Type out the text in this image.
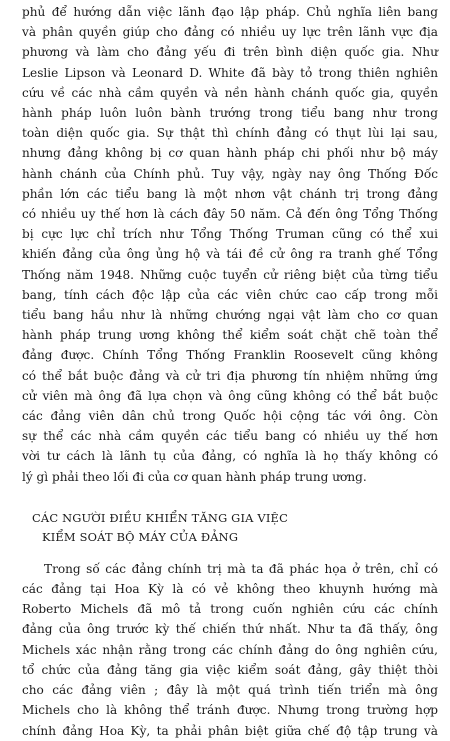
phủ để hướng dẫn việc lãnh đạo lập pháp. Chủ nghĩa liên bang
và phân quyền giúp cho đảng có nhiều uy lực trên lãnh vực địa
phương và làm cho đảng yếu đi trên bình diện quốc gia. Như
Leslie Lipson và Leonard D. White đã bày tỏ trong thiên nghiên
cứu về các nhà cầm quyền và nền hành chánh quốc gia, quyền
hành pháp luôn luôn bành trướng trong tiểu bang như trong
toàn diện quốc gia. Sự thật thì chính đảng có thụt lùi lại sau,
nhưng đảng không bị cơ quan hành pháp chi phối như bộ máy
hành chánh của Chính phủ. Tuy vậy, ngày nay ông Thống Đốc
phần lớn các tiểu bang là một nhơn vật chánh trị trong đảng
có nhiều uy thế hơn là cách đây 50 năm. Cả đến ông Tổng Thống
bị cực lực chỉ trích như Tổng Thống Truman cũng có thể xui
khiến đảng của ông ủng hộ và tái đề cử ông ra tranh ghế Tổng
Thống năm 1948. Những cuộc tuyển cử riêng biệt của từng tiểu
bang, tính cách độc lập của các viên chức cao cấp trong mỗi
tiểu bang hầu như là những chướng ngại vật làm cho cơ quan
hành pháp trung ương không thể kiểm soát chặt chẽ toàn thể
đảng được. Chính Tổng Thống Franklin Roosevelt cũng không
có thể bắt buộc đảng và cử tri địa phương tín nhiệm những ứng
cử viên mà ông đã lựa chọn và ông cũng không có thể bắt buộc
các đảng viên dân chủ trong Quốc hội cộng tác với ông. Còn
sự thể các nhà cầm quyền các tiểu bang có nhiều uy thế hơn
vời tư cách là lãnh tụ của đảng, có nghĩa là họ thấy không có
lý gì phải theo lối đi của cơ quan hành pháp trung ương.

CÁC NGƯỜI ĐIỀU KHIỂN TĂNG GIA VIỆC
KIỂM SOÁT BỘ MÁY CỦA ĐẢNG

Trong số các đảng chính trị mà ta đã phác họa ở trên, chỉ có
các đảng tại Hoa Kỳ là có vẻ không theo khuynh hướng mà
Roberto Michels đã mô tả trong cuốn nghiên cứu các chính
đảng của ông trước kỳ thế chiến thứ nhất. Như ta đã thấy, ông
Michels xác nhận rằng trong các chính đảng do ông nghiên cứu,
tổ chức của đảng tăng gia việc kiểm soát đảng, gây thiệt thòi
cho các đảng viên ; đây là một quá trình tiến triển mà ông
Michels cho là không thể tránh được. Nhưng trong trường hợp
chính đảng Hoa Kỳ, ta phải phân biệt giữa chế độ tập trung và
